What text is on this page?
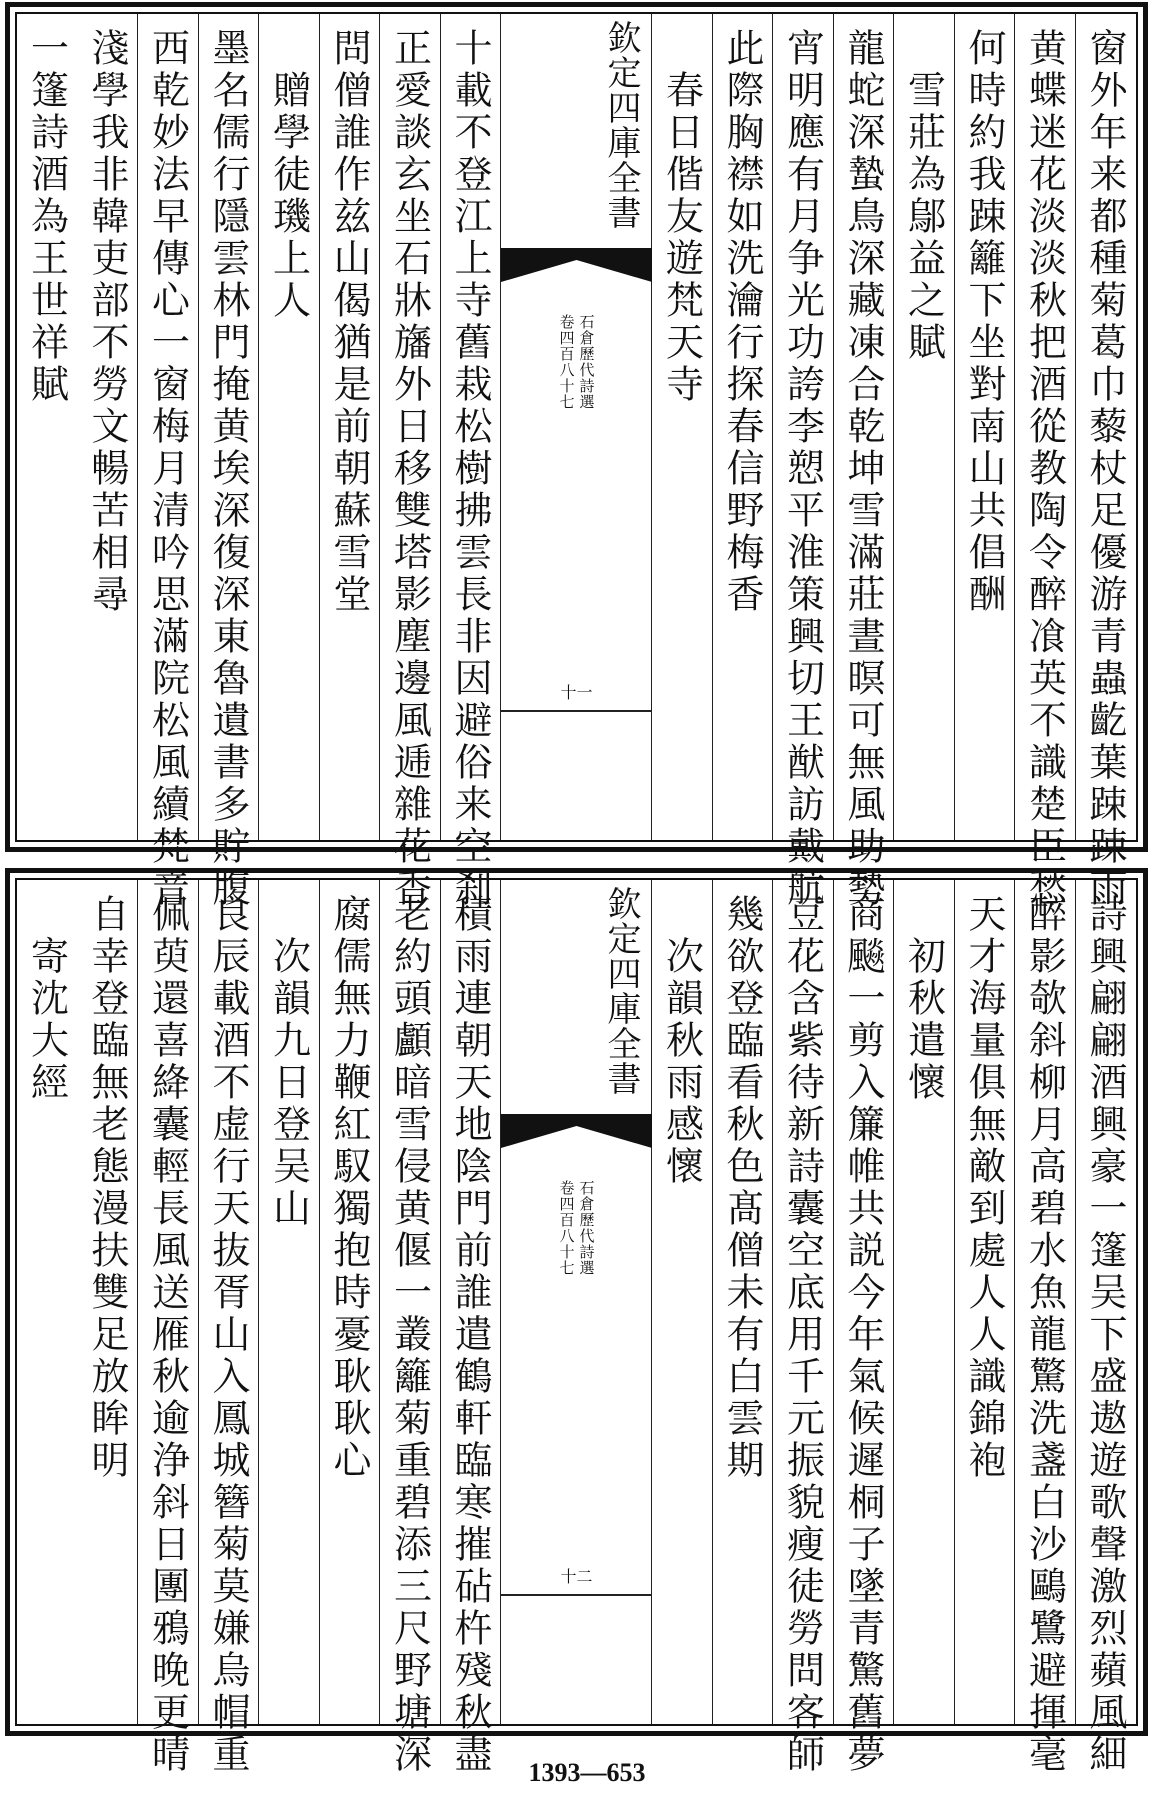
窗外年来都種菊葛巾藜杖足優游青蟲齕葉踈踈雨
黄蝶迷花淡淡秋把酒從教陶令醉飡英不識楚臣愁
何時約我踈籬下坐對南山共倡酬
　雪莊為鄔益之賦
龍蛇深蟄鳥深藏凍合乾坤雪滿莊晝暝可無風助勢
宵明應有月争光功誇李愬平淮策興切王猷訪戴航
此際胸襟如洗瀹行探春信野梅香
　春日偕友遊梵天寺
欽定四庫全書
石倉歷代詩選
卷四百八十七
十一
十載不登江上寺舊栽松樹拂雲長非因避俗来空刹
正愛談玄坐石牀旛外日移雙塔影塵邊風逓雜花香
問僧誰作兹山偈猶是前朝蘇雪堂
　贈學徒璣上人
墨名儒行隱雲林門掩黄埃深復深東魯遺書多貯腹
西乾妙法早傳心一窗梅月清吟思滿院松風續梵音
淺學我非韓吏部不勞文暢苦相尋
一篷詩酒為王世祥賦
詩興翩翩酒興豪一篷吴下盛遨遊歌聲激烈蘋風細
醉影欹斜柳月高碧水魚龍驚洗盞白沙鷗鷺避揮毫
天才海量俱無敵到處人人識錦袍
　初秋遣懷
商飈一剪入簾帷共説今年氣候遲桐子墜青驚舊夢
豆花含紫待新詩囊空底用千元振貌瘦徒勞問客師
幾欲登臨看秋色髙僧未有白雲期
　次韻秋雨感懷
欽定四庫全書
石倉歷代詩選
卷四百八十七
十二
積雨連朝天地陰門前誰遣鶴軒臨寒摧砧杵殘秋盡
老約頭顱暗雪侵黄偃一叢籬菊重碧添三尺野塘深
腐儒無力鞭紅馭獨抱時憂耿耿心
　次韻九日登吴山
良辰載酒不虚行天抜胥山入鳳城簪菊莫嫌烏帽重
佩萸還喜絳囊輕長風送雁秋逾浄斜日團鴉晚更晴
自幸登臨無老態漫扶雙足放眸明
　寄沈大經
1393—653
